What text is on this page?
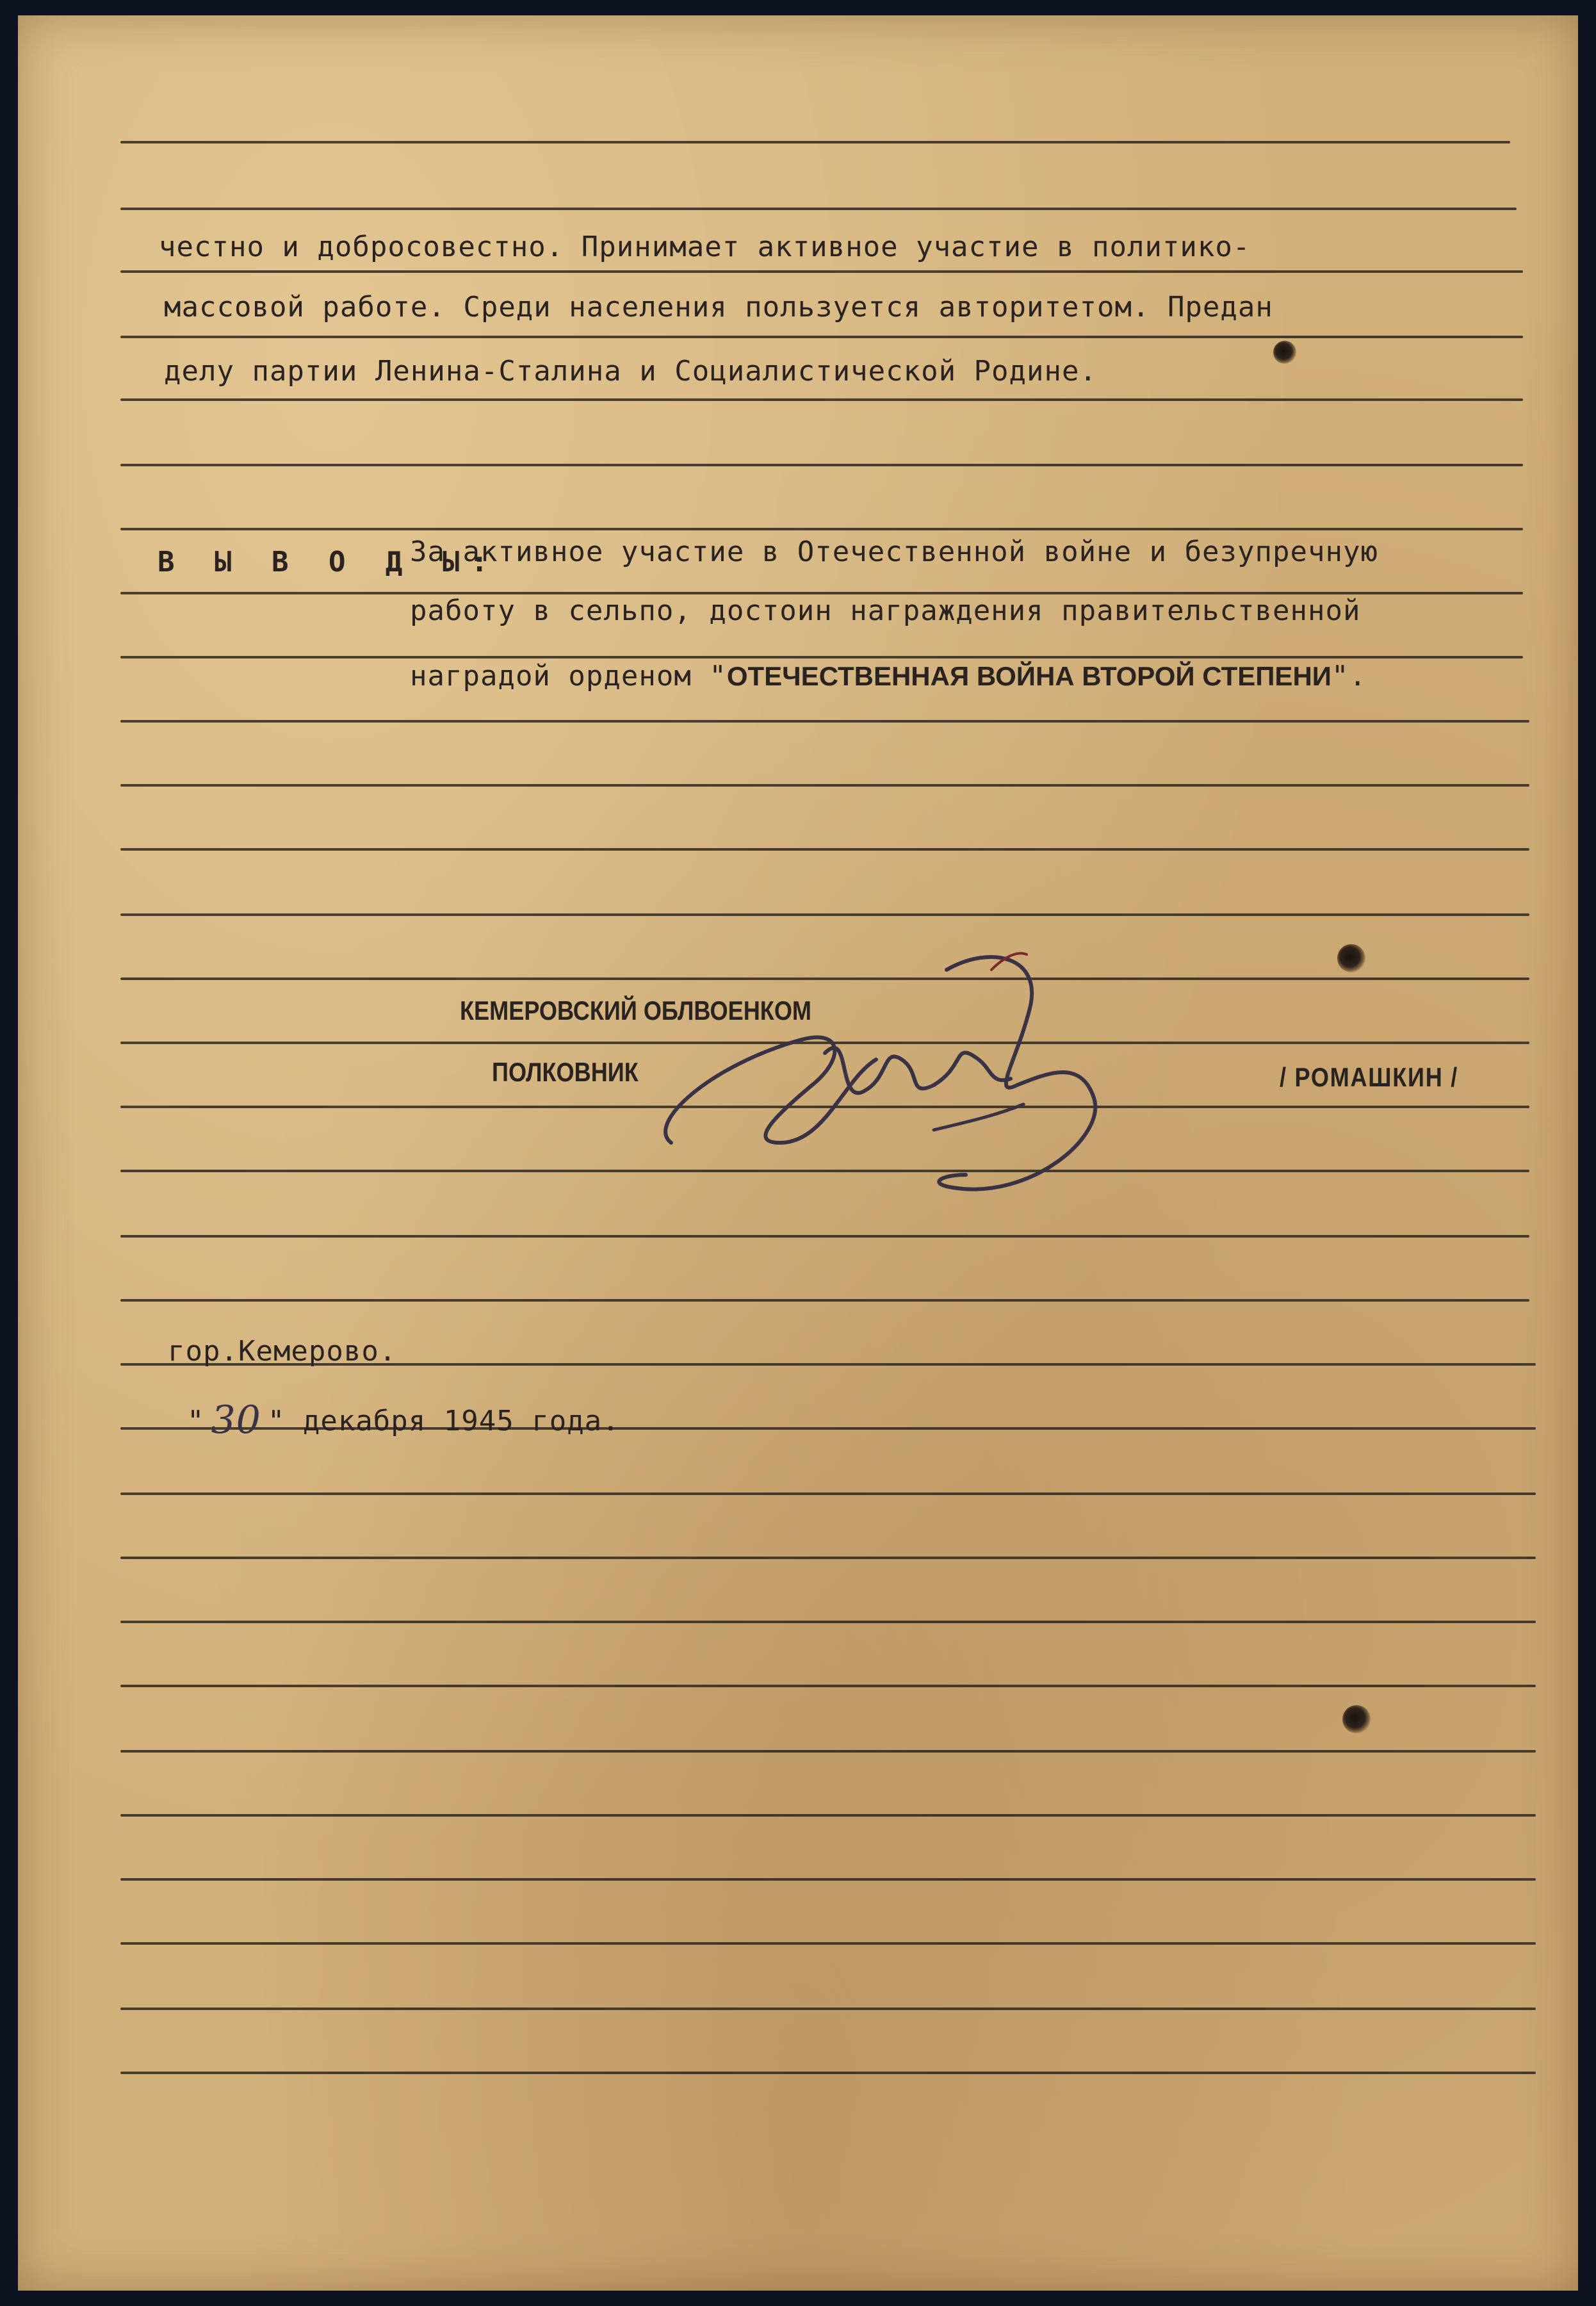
честно и добросовестно. Принимает активное участие в политико-
массовой работе. Среди населения пользуется авторитетом. Предан
делу партии Ленина-Сталина и Социалистической Родине.
В Ы В О Д Ы:
За активное участие в Отечественной войне и безупречную
работу в сельпо, достоин награждения правительственной
наградой орденом "ОТЕЧЕСТВЕННАЯ ВОЙНА ВТОРОЙ СТЕПЕНИ".
КЕМЕРОВСКИЙ ОБЛВОЕНКОМ
ПОЛКОВНИК	/ РОМАШКИН /
гор.Кемерово.
" 30 " декабря 1945 года.
